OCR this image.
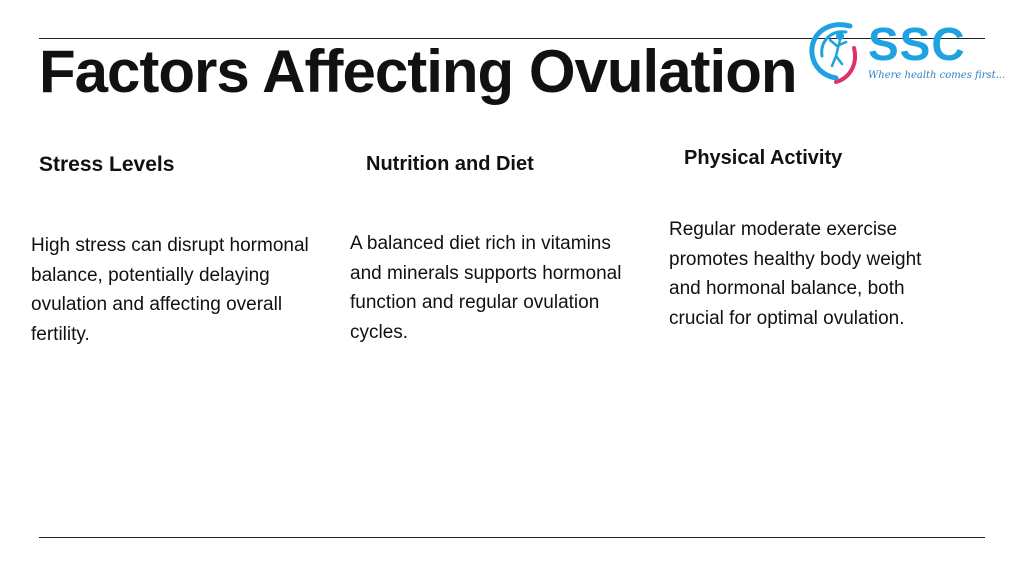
Factors Affecting Ovulation SSC
Where health comes first...
Stress Levels	Nutrition and Diet	Physical Activity

High stress can disrupt hormonal balance, potentially delaying ovulation and affecting overall fertility.

A balanced diet rich in vitamins and minerals supports hormonal function and regular ovulation cycles.

Regular moderate exercise promotes healthy body weight and hormonal balance, both crucial for optimal ovulation.
